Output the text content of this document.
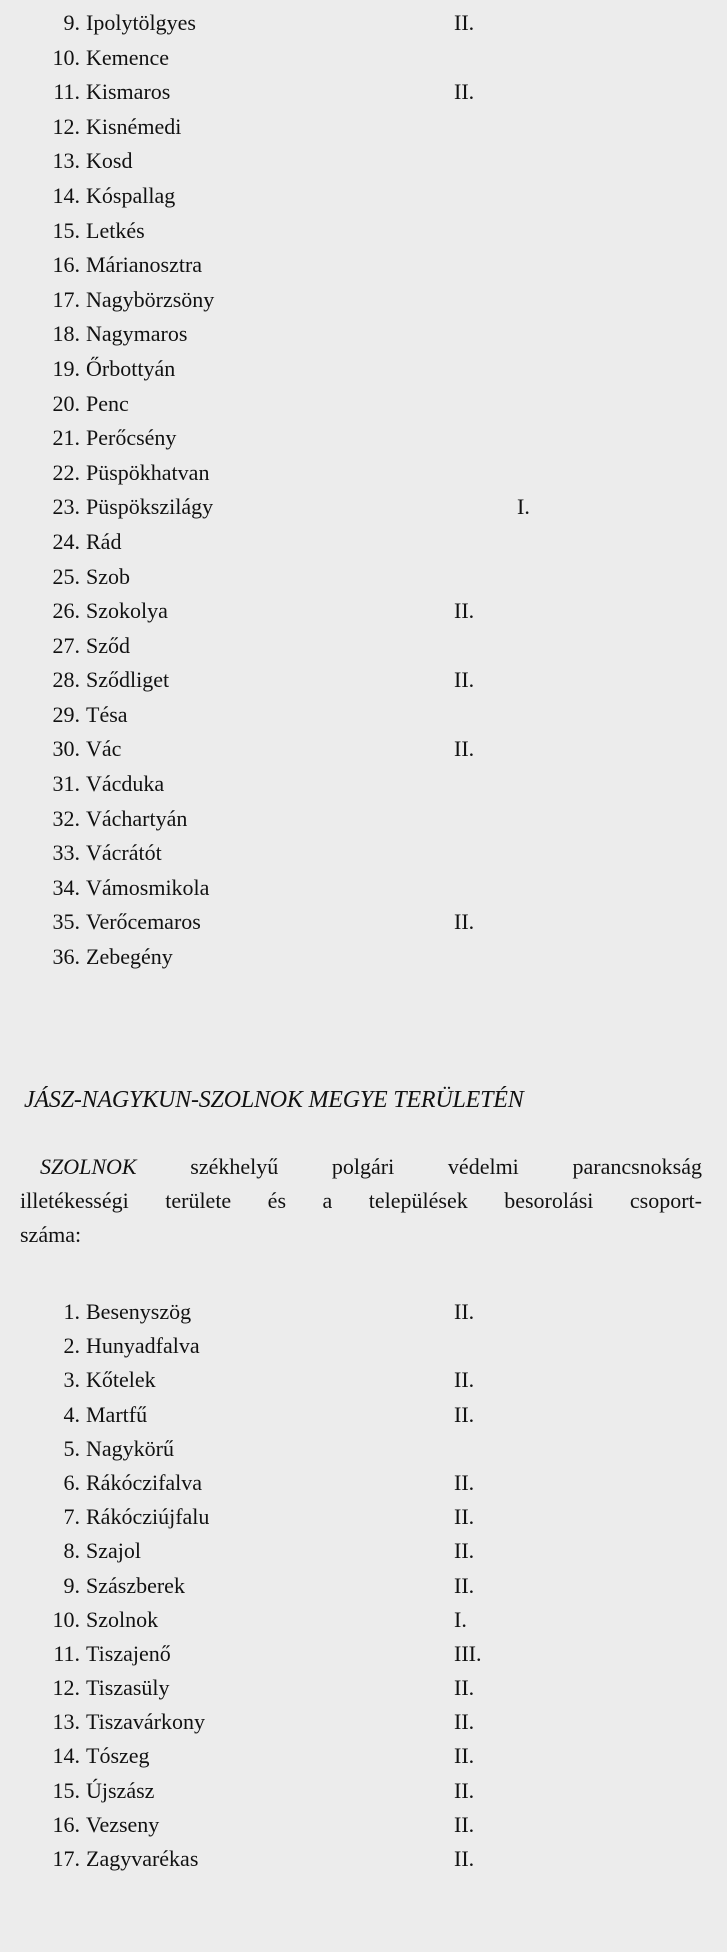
9. Ipolytölgyes	II.
10. Kemence
11. Kismaros	II.
12. Kisnémedi
13. Kosd
14. Kóspallag
15. Letkés
16. Márianosztra
17. Nagybörzsöny
18. Nagymaros
19. Őrbottyán
20. Penc
21. Perőcsény
22. Püspökhatvan
23. Püspökszilágy	I.
24. Rád
25. Szob
26. Szokolya	II.
27. Sződ
28. Sződliget	II.
29. Tésa
30. Vác	II.
31. Vácduka
32. Váchartyán
33. Vácrátót
34. Vámosmikola
35. Verőcemaros	II.
36. Zebegény
JÁSZ-NAGYKUN-SZOLNOK MEGYE TERÜLETÉN
SZOLNOK székhelyű polgári védelmi parancsnokság
illetékességi területe és a települések besorolási csoport-
száma:
1. Besenyszög	II.
2. Hunyadfalva
3. Kőtelek	II.
4. Martfű	II.
5. Nagykörű
6. Rákóczifalva	II.
7. Rákócziújfalu	II.
8. Szajol	II.
9. Szászberek	II.
10. Szolnok	I.
11. Tiszajenő	III.
12. Tiszasüly	II.
13. Tiszavárkony	II.
14. Tószeg	II.
15. Újszász	II.
16. Vezseny	II.
17. Zagyvarékas	II.
